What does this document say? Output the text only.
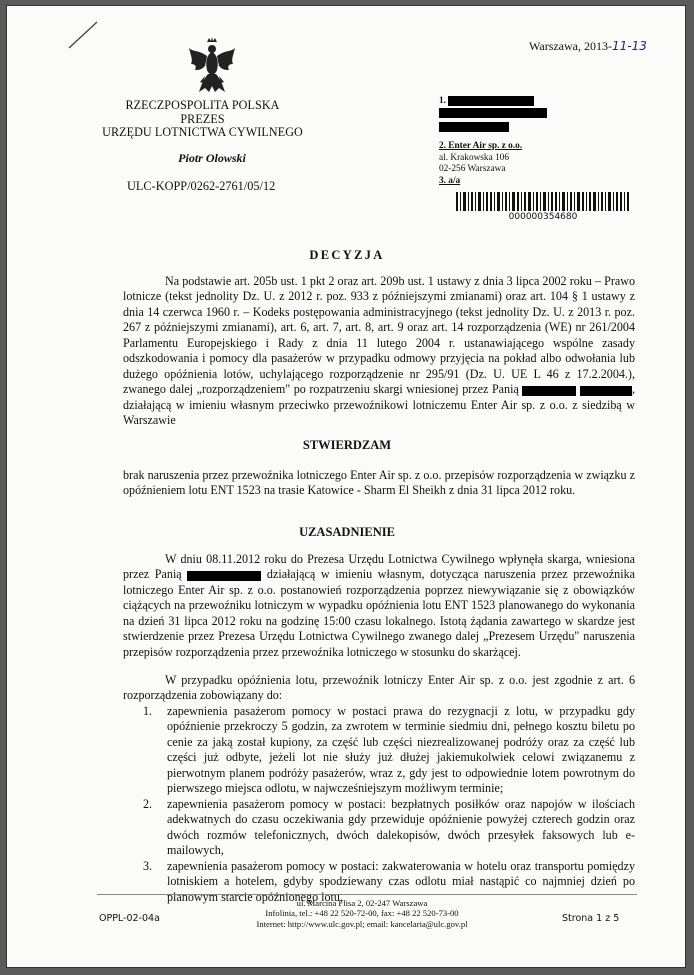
Warszawa, 2013-11-13
RZECZPOSPOLITA POLSKA
PREZES
URZĘDU LOTNICTWA CYWILNEGO
Piotr Olowski
ULC-KOPP/0262-2761/05/12
1.
2. Enter Air sp. z o.o.
al. Krakowska 106
02-256 Warszawa
3. a/a
000000354680
DECYZJA
Na podstawie art. 205b ust. 1 pkt 2 oraz art. 209b ust. 1 ustawy z dnia 3 lipca 2002 roku – Prawo lotnicze (tekst jednolity Dz. U. z 2012 r. poz. 933 z późniejszymi zmianami) oraz art. 104 § 1 ustawy z dnia 14 czerwca 1960 r. – Kodeks postępowania administracyjnego (tekst jednolity Dz. U. z 2013 r. poz. 267 z późniejszymi zmianami), art. 6, art. 7, art. 8, art. 9 oraz art. 14 rozporządzenia (WE) nr 261/2004 Parlamentu Europejskiego i Rady z dnia 11 lutego 2004 r. ustanawiającego wspólne zasady odszkodowania i pomocy dla pasażerów w przypadku odmowy przyjęcia na pokład albo odwołania lub dużego opóźnienia lotów, uchylającego rozporządzenie nr 295/91 (Dz. U. UE L 46 z 17.2.2004.), zwanego dalej „rozporządzeniem" po rozpatrzeniu skargi wniesionej przez Panią	, działającą w imieniu własnym przeciwko przewoźnikowi lotniczemu Enter Air sp. z o.o. z siedzibą w Warszawie
STWIERDZAM
brak naruszenia przez przewoźnika lotniczego Enter Air sp. z o.o. przepisów rozporządzenia w związku z opóźnieniem lotu ENT 1523 na trasie Katowice - Sharm El Sheikh z dnia 31 lipca 2012 roku.
UZASADNIENIE
W dniu 08.11.2012 roku do Prezesa Urzędu Lotnictwa Cywilnego wpłynęła skarga, wniesiona przez Panią	działającą w imieniu własnym, dotycząca naruszenia przez przewoźnika lotniczego Enter Air sp. z o.o. postanowień rozporządzenia poprzez niewywiązanie się z obowiązków ciążących na przewoźniku lotniczym w wypadku opóźnienia lotu ENT 1523 planowanego do wykonania na dzień 31 lipca 2012 roku na godzinę 15:00 czasu lokalnego. Istotą żądania zawartego w skardze jest stwierdzenie przez Prezesa Urzędu Lotnictwa Cywilnego zwanego dalej „Prezesem Urzędu" naruszenia przepisów rozporządzenia przez przewoźnika lotniczego w stosunku do skarżącej.
W przypadku opóźnienia lotu, przewoźnik lotniczy Enter Air sp. z o.o. jest zgodnie z art. 6 rozporządzenia zobowiązany do:
1. zapewnienia pasażerom pomocy w postaci prawa do rezygnacji z lotu, w przypadku gdy opóźnienie przekroczy 5 godzin, za zwrotem w terminie siedmiu dni, pełnego kosztu biletu po cenie za jaką został kupiony, za część lub części niezrealizowanej podróży oraz za część lub części już odbyte, jeżeli lot nie służy już dłużej jakiemukolwiek celowi związanemu z pierwotnym planem podróży pasażerów, wraz z, gdy jest to odpowiednie lotem powrotnym do pierwszego miejsca odlotu, w najwcześniejszym możliwym terminie;
2. zapewnienia pasażerom pomocy w postaci: bezpłatnych posiłków oraz napojów w ilościach adekwatnych do czasu oczekiwania gdy przewiduje opóźnienie powyżej czterech godzin oraz dwóch rozmów telefonicznych, dwóch dalekopisów, dwóch przesyłek faksowych lub e-mailowych,
3. zapewnienia pasażerom pomocy w postaci: zakwaterowania w hotelu oraz transportu pomiędzy lotniskiem a hotelem, gdyby spodziewany czas odlotu miał nastąpić co najmniej dzień po planowym starcie opóźnionego lotu,
OPPL-02-04a
ul. Marcina Flisa 2, 02-247 Warszawa
Infolinia, tel.: +48 22 520-72-00, fax: +48 22 520-73-00
Internet: http://www.ulc.gov.pl; email: kancelaria@ulc.gov.pl	Strona 1 z 5
